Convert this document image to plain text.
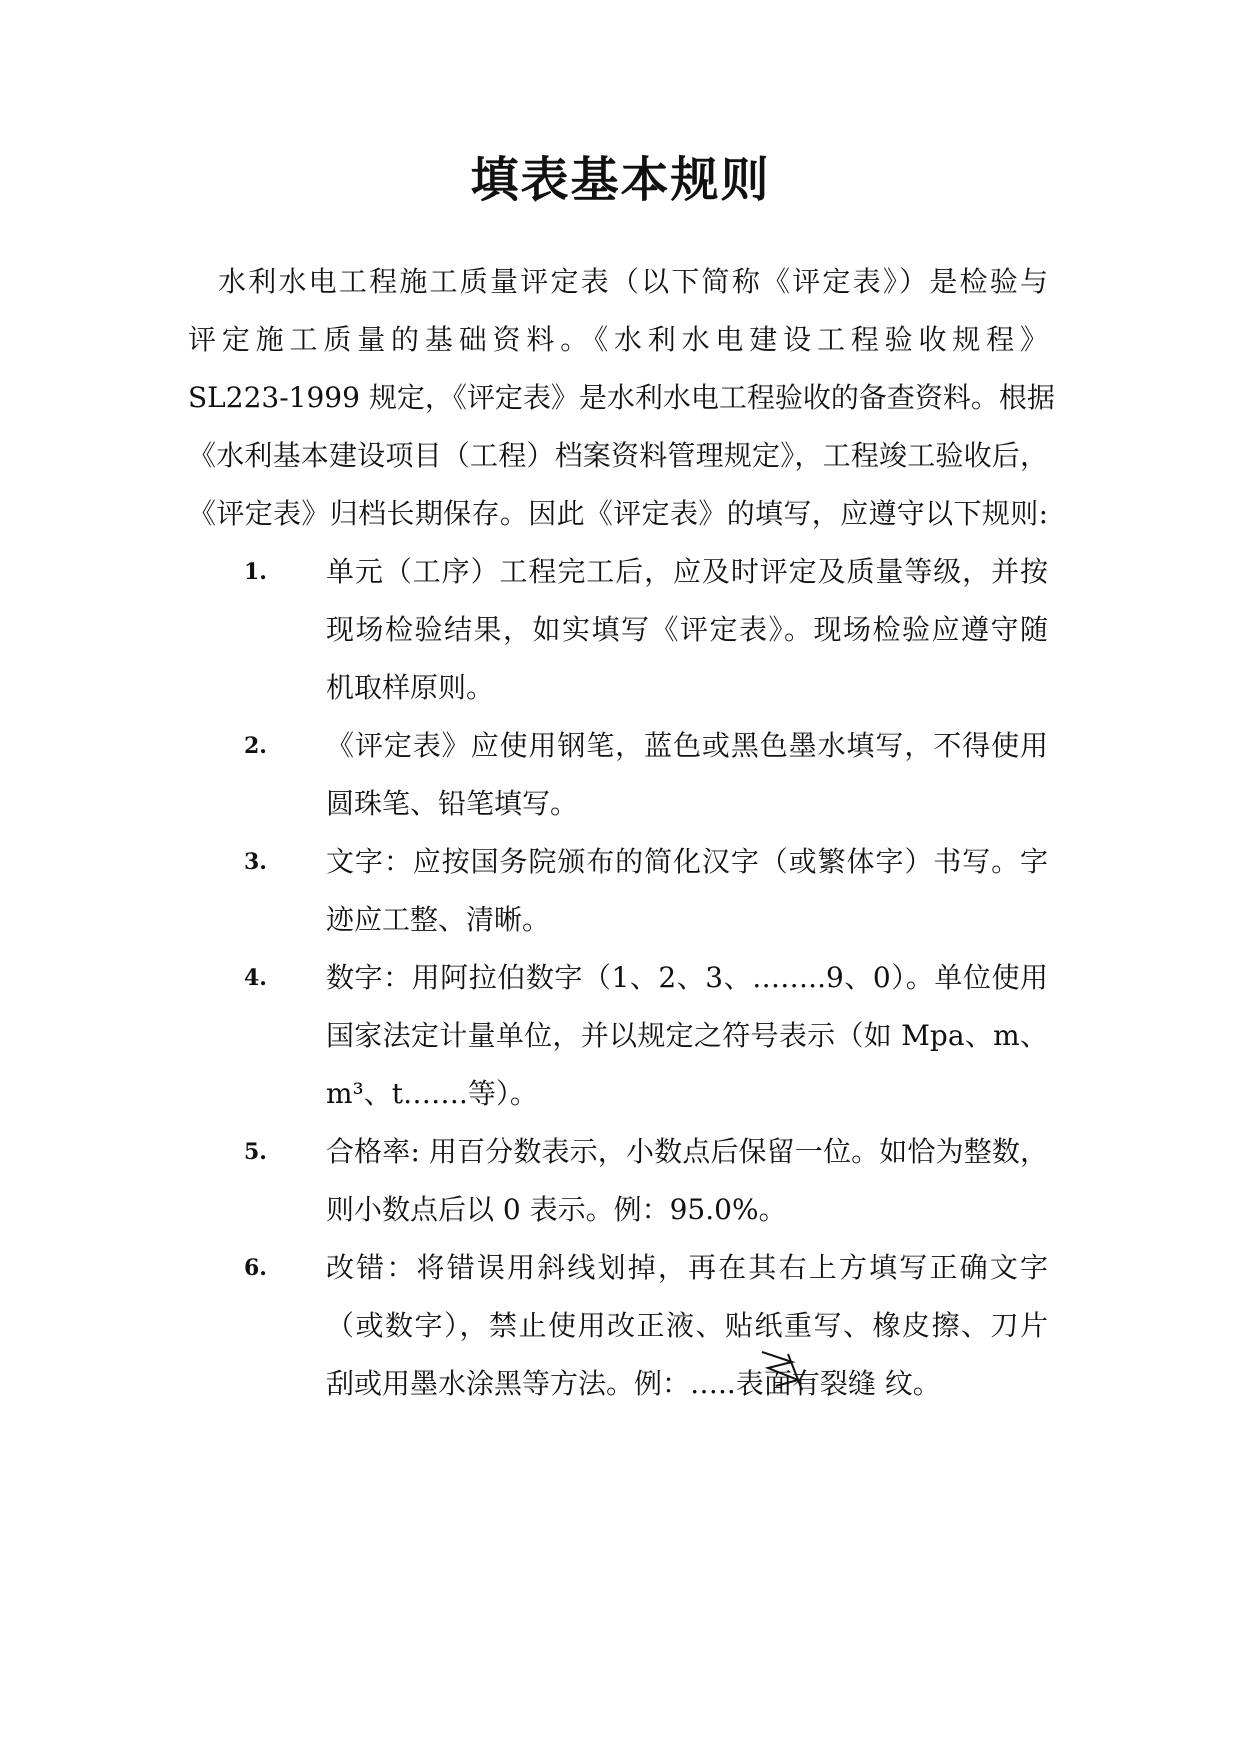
填表基本规则
水利水电工程施工质量评定表（以下简称《评定表》）是检验与
评定施工质量的基础资料。《水利水电建设工程验收规程》
SL223-1999 规定，《评定表》是水利水电工程验收的备查资料。根据
《水利基本建设项目（工程）档案资料管理规定》，工程竣工验收后，
《评定表》归档长期保存。因此《评定表》的填写，应遵守以下规则:
1. 单元（工序）工程完工后，应及时评定及质量等级，并按
现场检验结果，如实填写《评定表》。现场检验应遵守随
机取样原则。
2. 《评定表》应使用钢笔，蓝色或黑色墨水填写，不得使用
圆珠笔、铅笔填写。
3. 文字：应按国务院颁布的简化汉字（或繁体字）书写。字
迹应工整、清晰。
4. 数字：用阿拉伯数字（1、2、3、……..9、0）。单位使用
国家法定计量单位，并以规定之符号表示（如 Mpa、m、
m³、t…….等）。
5. 合格率: 用百分数表示，小数点后保留一位。如恰为整数，
则小数点后以 0 表示。例：95.0%。
6. 改错：将错误用斜线划掉，再在其右上方填写正确文字
（或数字），禁止使用改正液、贴纸重写、橡皮擦、刀片
刮或用墨水涂黑等方法。例：…..表面
有裂缝 纹。
